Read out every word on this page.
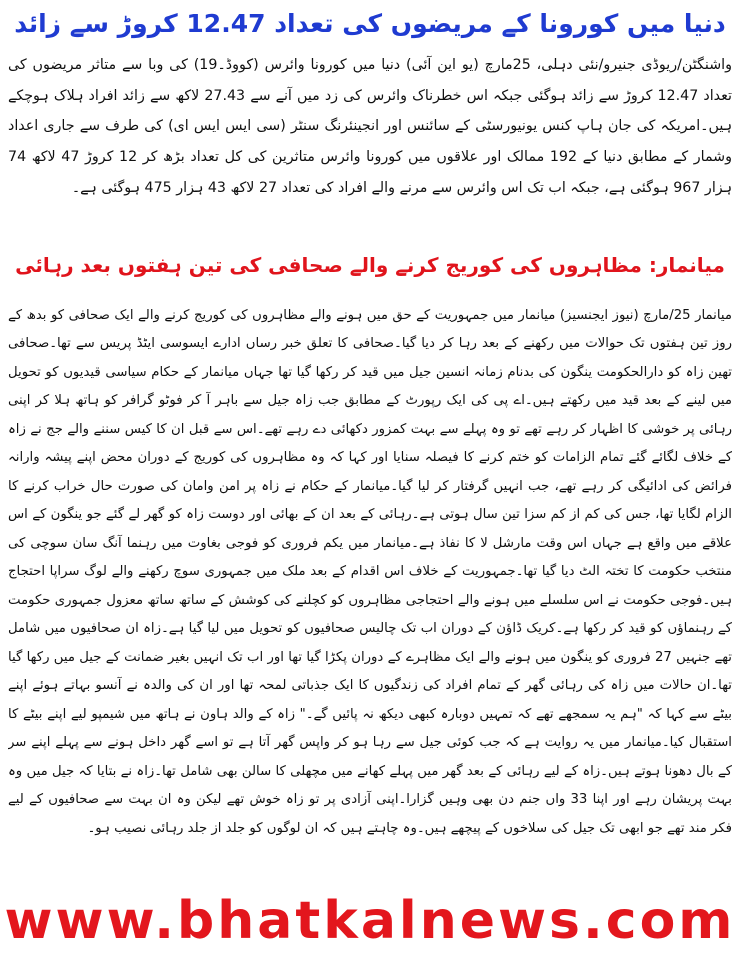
دنیا میں کورونا کے مریضوں کی تعداد 12.47 کروڑ سے زائد

واشنگٹن/ریوڈی جنیرو/نئی دہلی، 25مارچ (یو این آئی) دنیا میں کورونا وائرس (کووڈ۔19) کی وبا سے متاثر مریضوں کی تعداد 12.47 کروڑ سے زائد ہوگئی جبکہ اس خطرناک وائرس کی زد میں آنے سے 27.43 لاکھ سے زائد افراد ہلاک ہوچکے ہیں۔امریکہ کی جان ہاپ کنس یونیورسٹی کے سائنس اور انجینئرنگ سنٹر (سی ایس ایس ای) کی طرف سے جاری اعداد وشمار کے مطابق دنیا کے 192 ممالک اور علاقوں میں کورونا وائرس متاثرین کی کل تعداد بڑھ کر 12 کروڑ 47 لاکھ 74 ہزار 967 ہوگئی ہے، جبکہ اب تک اس وائرس سے مرنے والے افراد کی تعداد 27 لاکھ 43 ہزار 475 ہوگئی ہے۔

میانمار: مظاہروں کی کوریج کرنے والے صحافی کی تین ہفتوں بعد رہائی

میانمار 25/مارچ (نیوز ایجنسیز) میانمار میں جمہوریت کے حق میں ہونے والے مظاہروں کی کوریج کرنے والے ایک صحافی کو بدھ کے روز تین ہفتوں تک حوالات میں رکھنے کے بعد رہا کر دیا گیا۔صحافی کا تعلق خبر رساں ادارے ایسوسی ایٹڈ پریس سے تھا۔صحافی تھین زاہ کو دارالحکومت ینگون کی بدنام زمانہ انسین جیل میں قید کر رکھا گیا تھا جہاں میانمار کے حکام سیاسی قیدیوں کو تحویل میں لینے کے بعد قید میں رکھتے ہیں۔اے پی کی ایک رپورٹ کے مطابق جب زاہ جیل سے باہر آ کر فوٹو گرافر کو ہاتھ ہلا کر اپنی رہائی پر خوشی کا اظہار کر رہے تھے تو وہ پہلے سے بہت کمزور دکھائی دے رہے تھے۔اس سے قبل ان کا کیس سننے والے جج نے زاہ کے خلاف لگائے گئے تمام الزامات کو ختم کرنے کا فیصلہ سنایا اور کہا کہ وہ مظاہروں کی کوریج کے دوران محض اپنے پیشہ وارانہ فرائض کی ادائیگی کر رہے تھے، جب انہیں گرفتار کر لیا گیا۔میانمار کے حکام نے زاہ پر امن وامان کی صورت حال خراب کرنے کا الزام لگایا تھا، جس کی کم از کم سزا تین سال ہوتی ہے۔رہائی کے بعد ان کے بھائی اور دوست زاہ کو گھر لے گئے جو ینگون کے اس علاقے میں واقع ہے جہاں اس وقت مارشل لا کا نفاذ ہے۔میانمار میں یکم فروری کو فوجی بغاوت میں رہنما آنگ سان سوچی کی منتخب حکومت کا تختہ الٹ دیا گیا تھا۔جمہوریت کے خلاف اس اقدام کے بعد ملک میں جمہوری سوچ رکھنے والے لوگ سراپا احتجاج ہیں۔فوجی حکومت نے اس سلسلے میں ہونے والے احتجاجی مظاہروں کو کچلنے کی کوشش کے ساتھ ساتھ معزول جمہوری حکومت کے رہنماؤں کو قید کر رکھا ہے۔کریک ڈاؤن کے دوران اب تک چالیس صحافیوں کو تحویل میں لیا گیا ہے۔زاہ ان صحافیوں میں شامل تھے جنہیں 27 فروری کو ینگون میں ہونے والے ایک مظاہرے کے دوران پکڑا گیا تھا اور اب تک انہیں بغیر ضمانت کے جیل میں رکھا گیا تھا۔ان حالات میں زاہ کی رہائی گھر کے تمام افراد کی زندگیوں کا ایک جذباتی لمحہ تھا اور ان کی والدہ نے آنسو بہاتے ہوئے اپنے بیٹے سے کہا کہ "ہم یہ سمجھے تھے کہ تمہیں دوبارہ کبھی دیکھ نہ پائیں گے۔" زاہ کے والد ہاون نے ہاتھ میں شیمپو لیے اپنے بیٹے کا استقبال کیا۔میانمار میں یہ روایت ہے کہ جب کوئی جیل سے رہا ہو کر واپس گھر آتا ہے تو اسے گھر داخل ہونے سے پہلے اپنے سر کے بال دھونا ہوتے ہیں۔زاہ کے لیے رہائی کے بعد گھر میں پہلے کھانے میں مچھلی کا سالن بھی شامل تھا۔زاہ نے بتایا کہ جیل میں وہ بہت پریشان رہے اور اپنا 33 واں جنم دن بھی وہیں گزارا۔اپنی آزادی پر تو زاہ خوش تھے لیکن وہ ان بہت سے صحافیوں کے لیے فکر مند تھے جو ابھی تک جیل کی سلاخوں کے پیچھے ہیں۔وہ چاہتے ہیں کہ ان لوگوں کو جلد از جلد رہائی نصیب ہو۔

www.bhatkalnews.com
